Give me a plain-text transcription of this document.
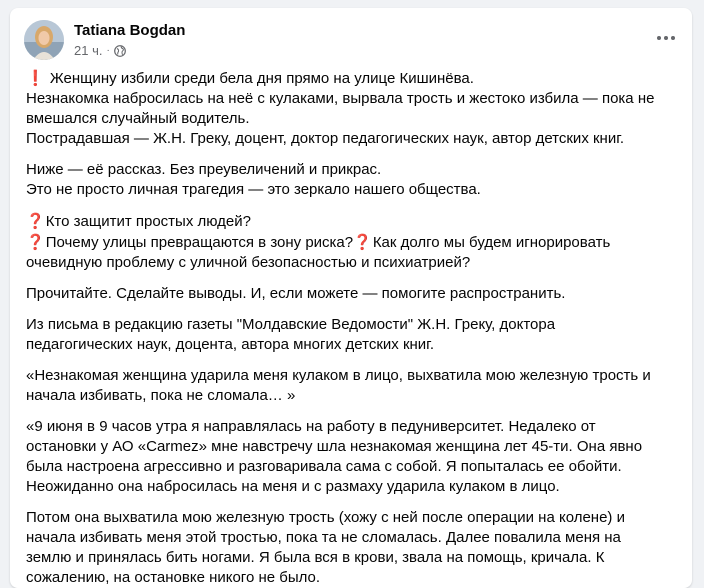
Tatiana Bogdan
21 ч. ·
❗ Женщину избили среди бела дня прямо на улице Кишинёва.
Незнакомка набросилась на неё с кулаками, вырвала трость и жестоко избила — пока не
вмешался случайный водитель.
Пострадавшая — Ж.Н. Греку, доцент, доктор педагогических наук, автор детских книг.
Ниже — её рассказ. Без преувеличений и прикрас.
Это не просто личная трагедия — это зеркало нашего общества.
❓Кто защитит простых людей?
❓Почему улицы превращаются в зону риска?❓Как долго мы будем игнорировать
очевидную проблему с уличной безопасностью и психиатрией?
Прочитайте. Сделайте выводы. И, если можете — помогите распространить.
Из письма в редакцию газеты "Молдавские Ведомости" Ж.Н. Греку, доктора
педагогических наук, доцента, автора многих детских книг.
«Незнакомая женщина ударила меня кулаком в лицо, выхватила мою железную трость и
начала избивать, пока не сломала… »
«9 июня в 9 часов утра я направлялась на работу в педуниверситет. Недалеко от
остановки у АО «Carmez» мне навстречу шла незнакомая женщина лет 45-ти. Она явно
была настроена агрессивно и разговаривала сама с собой. Я попыталась ее обойти.
Неожиданно она набросилась на меня и с размаху ударила кулаком в лицо.
Потом она выхватила мою железную трость (хожу с ней после операции на колене) и
начала избивать меня этой тростью, пока та не сломалась. Далее повалила меня на
землю и принялась бить ногами. Я была вся в крови, звала на помощь, кричала. К
сожалению, на остановке никого не было.
